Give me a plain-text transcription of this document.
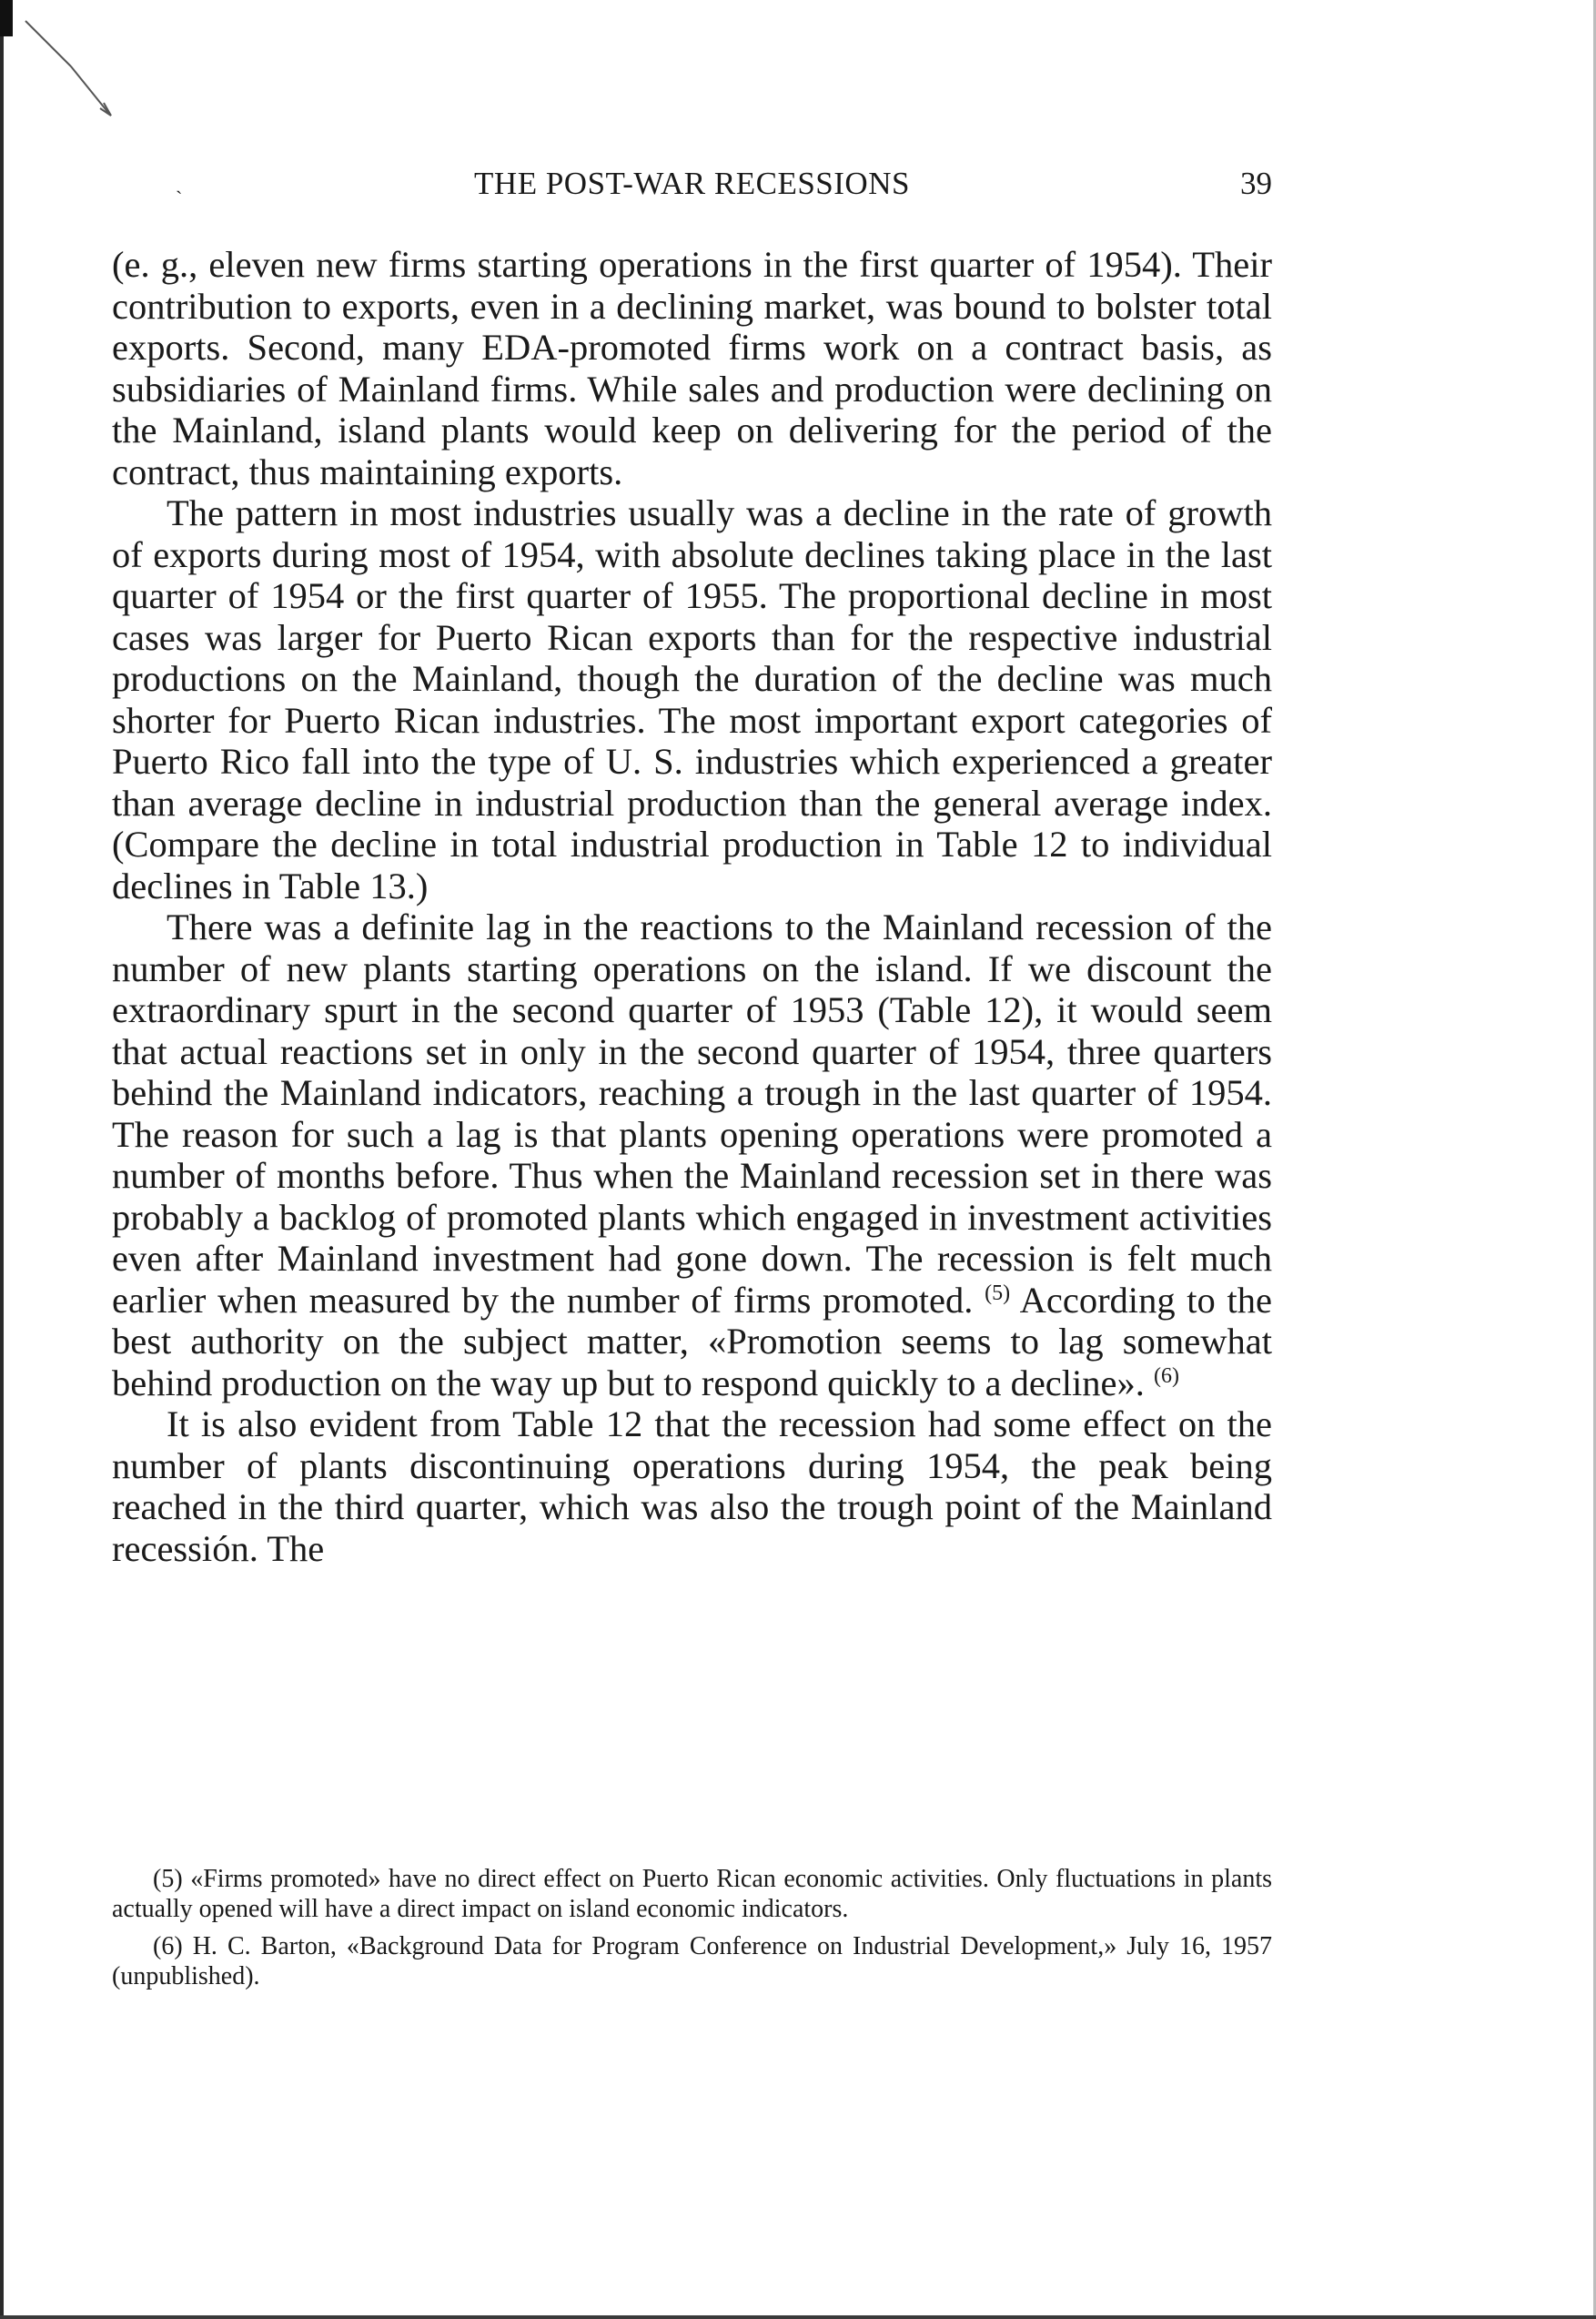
ˎ	THE POST-WAR RECESSIONS	39

(e. g., eleven new firms starting operations in the first quarter of 1954). Their contribution to exports, even in a declining market, was bound to bolster total exports. Second, many EDA-promoted firms work on a contract basis, as subsidiaries of Mainland firms. While sales and production were declining on the Mainland, island plants would keep on delivering for the period of the contract, thus maintaining exports.

The pattern in most industries usually was a decline in the rate of growth of exports during most of 1954, with absolute declines taking place in the last quarter of 1954 or the first quarter of 1955. The proportional decline in most cases was larger for Puerto Rican exports than for the respective industrial productions on the Mainland, though the duration of the decline was much shorter for Puerto Rican industries. The most important export categories of Puerto Rico fall into the type of U. S. industries which experienced a greater than average decline in industrial production than the general average index. (Compare the decline in total industrial production in Table 12 to individual declines in Table 13.)

There was a definite lag in the reactions to the Mainland recession of the number of new plants starting operations on the island. If we discount the extraordinary spurt in the second quarter of 1953 (Table 12), it would seem that actual reactions set in only in the second quarter of 1954, three quarters behind the Mainland indicators, reaching a trough in the last quarter of 1954. The reason for such a lag is that plants opening operations were promoted a number of months before. Thus when the Mainland recession set in there was probably a backlog of promoted plants which engaged in investment activities even after Mainland investment had gone down. The recession is felt much earlier when measured by the number of firms promoted. $^{(5)}$ According to the best authority on the subject matter, «Promotion seems to lag somewhat behind production on the way up but to respond quickly to a decline». $^{(6)}$

It is also evident from Table 12 that the recession had some effect on the number of plants discontinuing operations during 1954, the peak being reached in the third quarter, which was also the trough point of the Mainland recessión. The

(5) «Firms promoted» have no direct effect on Puerto Rican economic activities. Only fluctuations in plants actually opened will have a direct impact on island economic indicators.

(6) H. C. Barton, «Background Data for Program Conference on Industrial Development,» July 16, 1957 (unpublished).
